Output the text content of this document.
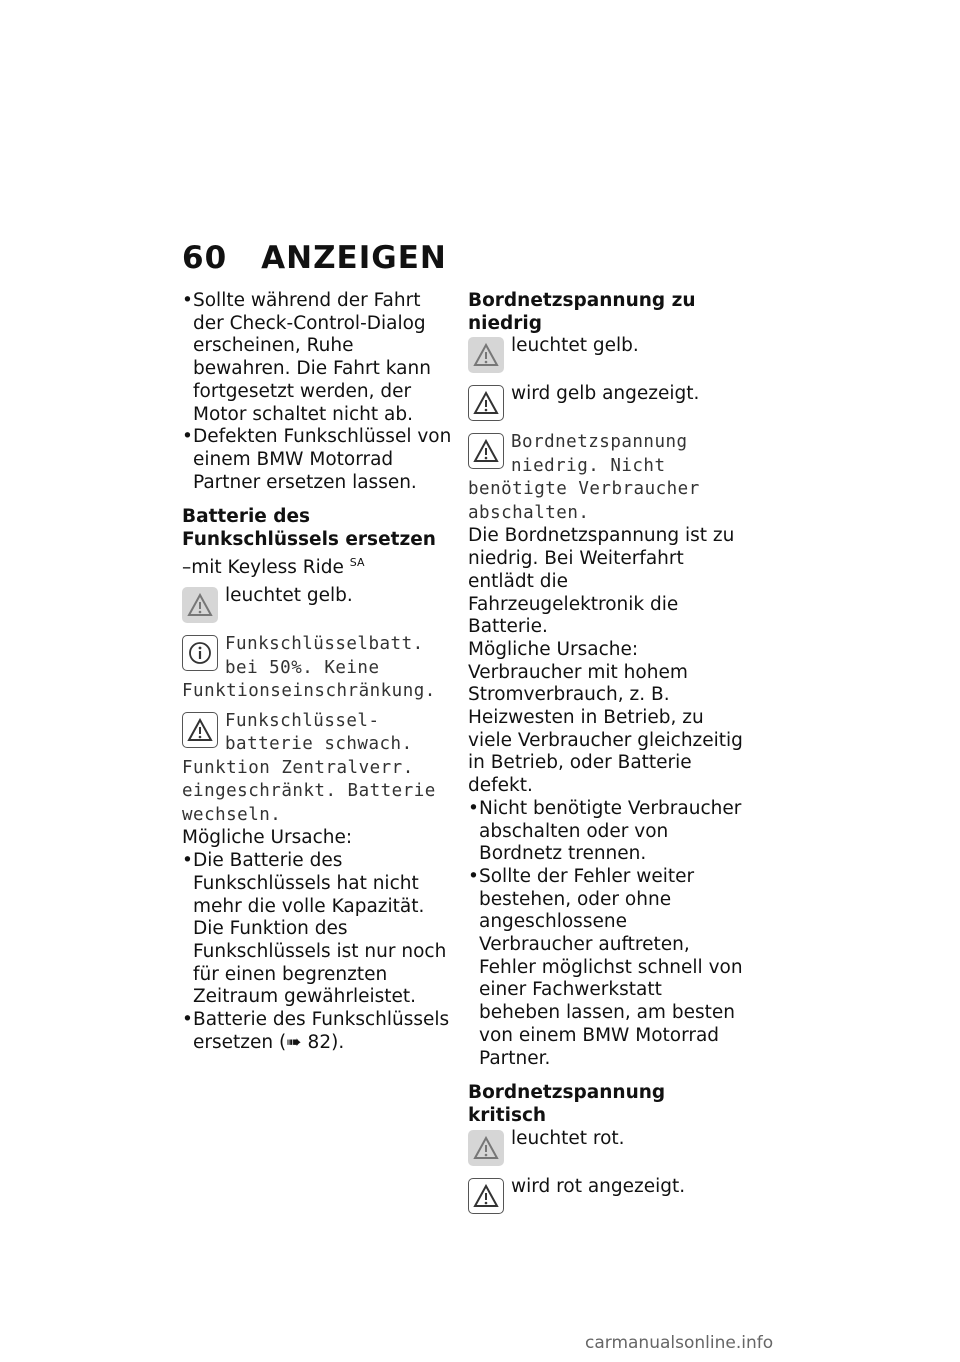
60 ANZEIGEN
• Sollte während der Fahrt der Check-Control-Dialog erscheinen, Ruhe bewahren. Die Fahrt kann fortgesetzt werden, der Motor schaltet nicht ab.
• Defekten Funkschlüssel von einem BMW Motorrad Partner ersetzen lassen.
Batterie des Funkschlüssels ersetzen
–mit Keyless Ride $^{SA}$
leuchtet gelb.
Funkschlüsselbatt. bei 50%. Keine Funktionseinschränkung.
Funkschlüssel- batterie schwach. Funktion Zentralverr. eingeschränkt. Batterie wechseln.
Mögliche Ursache:
• Die Batterie des Funkschlüssels hat nicht mehr die volle Kapazität. Die Funktion des Funkschlüssels ist nur noch für einen begrenzten Zeitraum gewährleistet.
• Batterie des Funkschlüssels ersetzen (➠ 82).
Bordnetzspannung zu niedrig
leuchtet gelb.
wird gelb angezeigt.
Bordnetzspannung niedrig. Nicht benötigte Verbraucher abschalten.
Die Bordnetzspannung ist zu niedrig. Bei Weiterfahrt entlädt die Fahrzeugelektronik die Batterie.
Mögliche Ursache:
Verbraucher mit hohem Stromverbrauch, z. B. Heizwesten in Betrieb, zu viele Verbraucher gleichzeitig in Betrieb, oder Batterie defekt.
• Nicht benötigte Verbraucher abschalten oder von Bordnetz trennen.
• Sollte der Fehler weiter bestehen, oder ohne angeschlossene Verbraucher auftreten, Fehler möglichst schnell von einer Fachwerkstatt beheben lassen, am besten von einem BMW Motorrad Partner.
Bordnetzspannung kritisch
leuchtet rot.
wird rot angezeigt.
carmanualsonline.info
